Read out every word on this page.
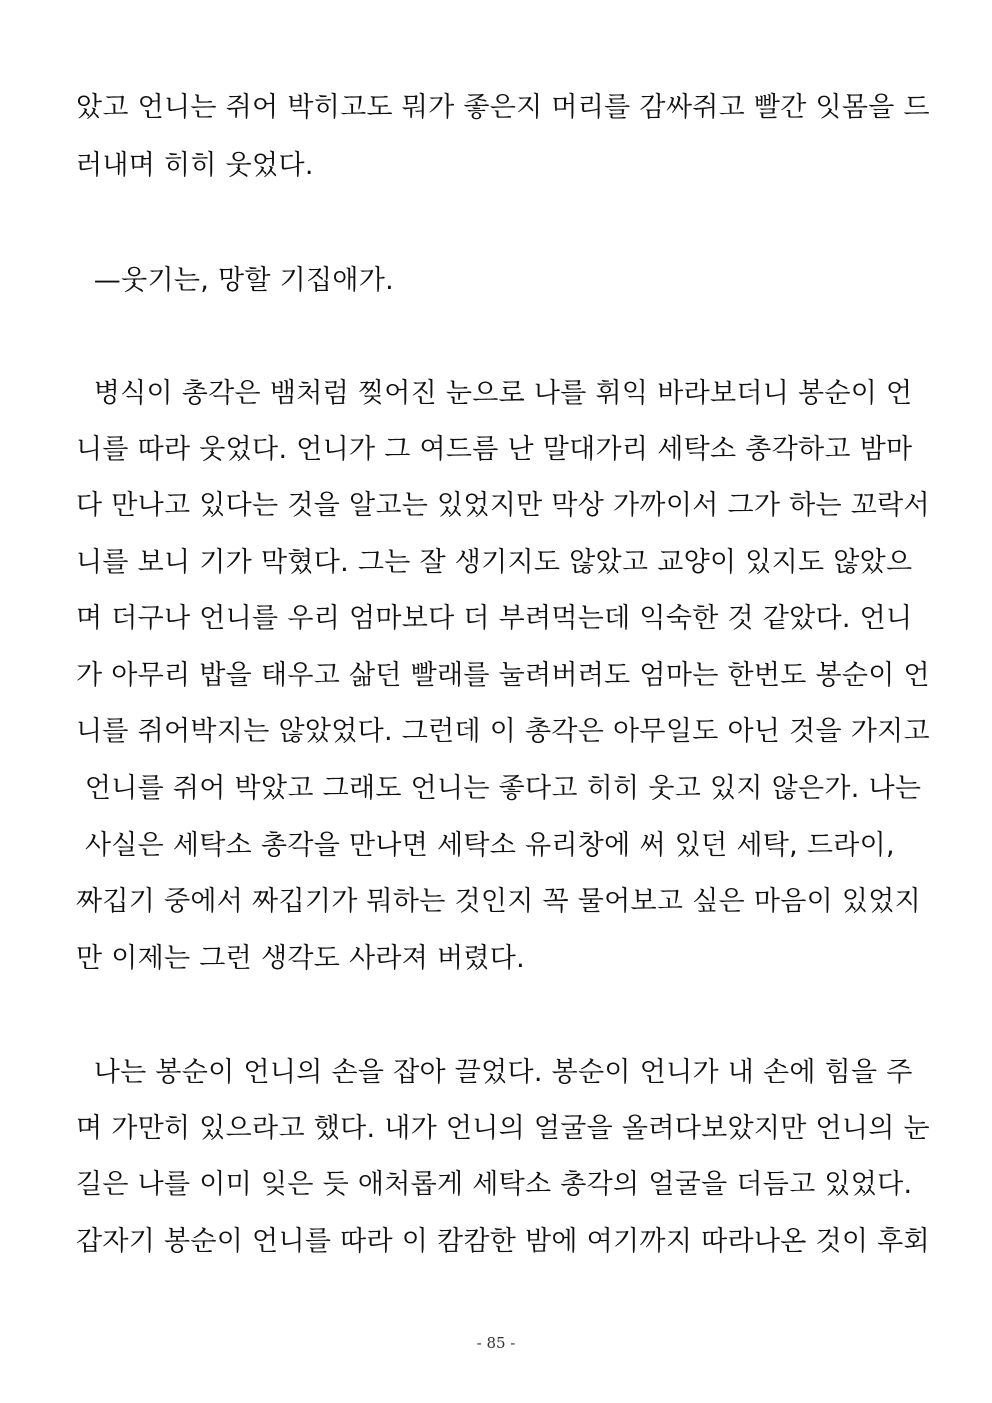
았고 언니는 쥐어 박히고도 뭐가 좋은지 머리를 감싸쥐고 빨간 잇몸을 드
러내며 히히 웃었다.
—웃기는, 망할 기집애가.
병식이 총각은 뱀처럼 찢어진 눈으로 나를 휘익 바라보더니 봉순이 언
니를 따라 웃었다. 언니가 그 여드름 난 말대가리 세탁소 총각하고 밤마
다 만나고 있다는 것을 알고는 있었지만 막상 가까이서 그가 하는 꼬락서
니를 보니 기가 막혔다. 그는 잘 생기지도 않았고 교양이 있지도 않았으
며 더구나 언니를 우리 엄마보다 더 부려먹는데 익숙한 것 같았다. 언니
가 아무리 밥을 태우고 삶던 빨래를 눌려버려도 엄마는 한번도 봉순이 언
니를 쥐어박지는 않았었다. 그런데 이 총각은 아무일도 아닌 것을 가지고
언니를 쥐어 박았고 그래도 언니는 좋다고 히히 웃고 있지 않은가. 나는
사실은 세탁소 총각을 만나면 세탁소 유리창에 써 있던 세탁, 드라이,
짜깁기 중에서 짜깁기가 뭐하는 것인지 꼭 물어보고 싶은 마음이 있었지
만 이제는 그런 생각도 사라져 버렸다.
나는 봉순이 언니의 손을 잡아 끌었다. 봉순이 언니가 내 손에 힘을 주
며 가만히 있으라고 했다. 내가 언니의 얼굴을 올려다보았지만 언니의 눈
길은 나를 이미 잊은 듯 애처롭게 세탁소 총각의 얼굴을 더듬고 있었다.
갑자기 봉순이 언니를 따라 이 캄캄한 밤에 여기까지 따라나온 것이 후회
- 85 -
